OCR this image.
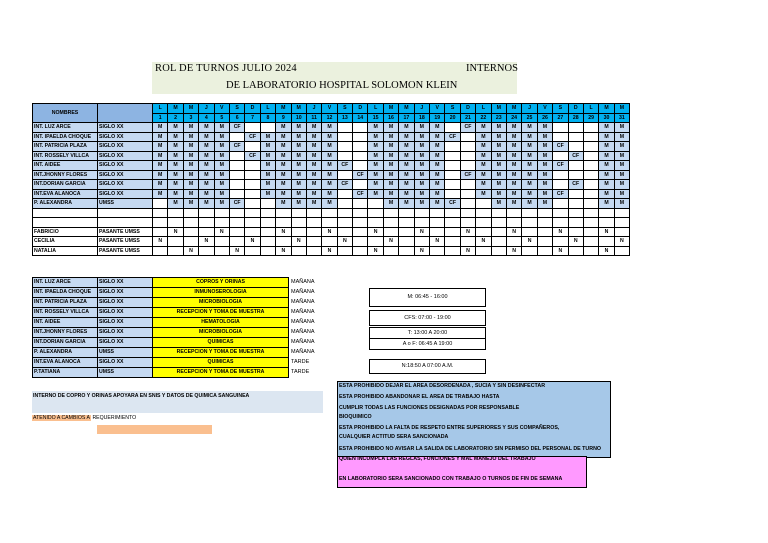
ROL DE TURNOS JULIO 2024	INTERNOS
DE LABORATORIO HOSPITAL SOLOMON KLEIN
NOMBRES		L	M	M	J	V	S	D	L	M	M	J	V	S	D	L	M	M	J	V	S	D	L	M	M	J	V	S	D	L	M	M
		1	2	3	4	5	6	7	8	9	10	11	12	13	14	15	16	17	18	19	20	21	22	23	24	25	26	27	28	29	30	31
INT. LUZ ARCE	SIGLO XX	M	M	M	M	M	CF			M	M	M	M			M	M	M	M	M		CF	M	M	M	M	M				M	M
INT. IPAELDA CHOQUE	SIGLO XX	M	M	M	M	M		CF	M	M	M	M	M			M	M	M	M	M	CF		M	M	M	M	M				M	M
INT. PATRICIA PLAZA	SIGLO XX	M	M	M	M	M	CF		M	M	M	M	M			M	M	M	M	M			M	M	M	M	M	CF			M	M
INT. ROSSELY VILLCA	SIGLO XX	M	M	M	M	M		CF	M	M	M	M	M			M	M	M	M	M			M	M	M	M	M		CF		M	M
INT. AIDEE	SIGLO XX	M	M	M	M	M			M	M	M	M	M	CF		M	M	M	M	M			M	M	M	M	M	CF			M	M
INT.JHONNY FLORES	SIGLO XX	M	M	M	M	M			M	M	M	M	M		CF	M	M	M	M	M		CF	M	M	M	M	M				M	M
INT.DORIAN GARCIA	SIGLO XX	M	M	M	M	M			M	M	M	M	M	CF		M	M	M	M	M			M	M	M	M	M		CF		M	M
INT.EVA ALANOCA	SIGLO XX	M	M	M	M	M			M	M	M	M	M		CF	M	M	M	M	M			M	M	M	M	M	CF			M	M
P. ALEXANDRA	UMSS		M	M	M	M	CF			M	M	M	M				M	M	M	M	CF			M	M	M	M				M	M

FABRICIO	PASANTE UMSS		N			N				N			N			N			N			N			N			N			N	
CECILIA	PASANTE UMSS	N			N			N			N			N			N			N			N			N			N			N
NATALIA	PASANTE UMSS			N			N			N			N			N			N			N			N			N			N	
INT. LUZ ARCE	SIGLO XX	COPROS Y ORINAS	MAÑANA
INT. IPAELDA CHOQUE	SIGLO XX	INMUNOSEROLOGIA	MAÑANA
INT. PATRICIA PLAZA	SIGLO XX	MICROBIOLOGIA	MAÑANA
INT. ROSSELY VILLCA	SIGLO XX	RECEPCION Y TOMA DE MUESTRA	MAÑANA
INT. AIDEE	SIGLO XX	HEMATOLOGIA	MAÑANA
INT.JHONNY FLORES	SIGLO XX	MICROBIOLOGIA	MAÑANA
INT.DORIAN GARCIA	SIGLO XX	QUIMICAS	MAÑANA
P. ALEXANDRA	UMSS	RECEPCION Y TOMA DE MUESTRA	MAÑANA
INT.EVA ALANOCA	SIGLO XX	QUIMICAS	TARDE
P.TATIANA	UMSS	RECEPCION Y TOMA DE MUESTRA	TARDE
M: 06:45 - 16:00
CFS: 07:00 - 19:00
T: 13:00 A 20:00
A o F: 06:45 A 19:00
N:18:50 A 07:00 A.M.
INTERNO DE COPRO Y ORINAS APOYARA EN SNIS Y DATOS DE QUIMICA SANGUINEA
ATENIDO A CAMBIOS A REQUERIMIENTO
ESTA PROHIBIDO DEJAR EL AREA DESORDENADA , SUCIA Y SIN DESINFECTAR
ESTA PROHIBIDO ABANDONAR EL AREA DE TRABAJO HASTA
CUMPLIR TODAS LAS FUNCIONES DESIGNADAS POR RESPONSABLE
BIOQUIMICO
ESTA PROHIBIDO LA FALTA DE RESPETO ENTRE SUPERIORES Y SUS COMPAÑEROS,
CUALQUIER ACTITUD SERA SANCIONADA
ESTA PROHIBIDO NO AVISAR LA SALIDA DE LABORATORIO SIN PERMISO DEL PERSONAL DE TURNO
QUIEN INCUMPLA LAS REGLAS, FUNCIONES Y MAL MANEJO DEL TRABAJO
EN LABORATORIO SERA SANCIONADO CON TRABAJO O TURNOS DE FIN DE SEMANA
